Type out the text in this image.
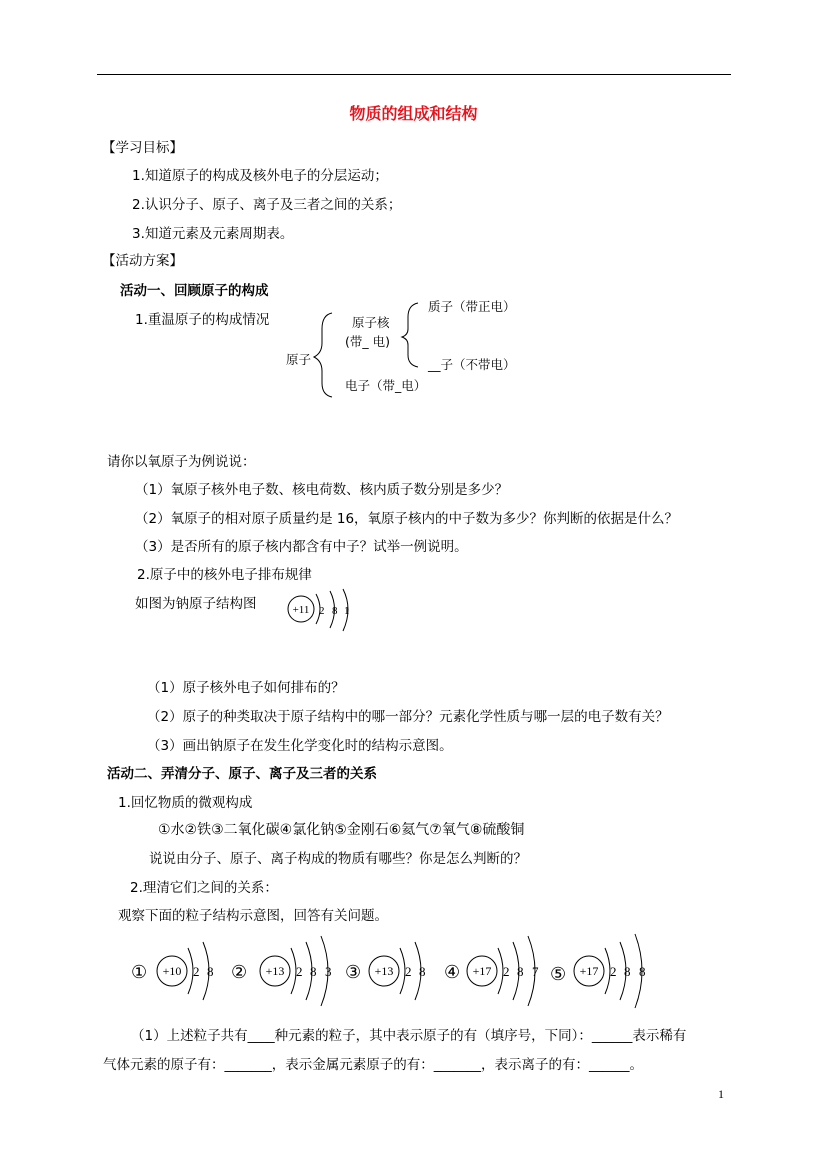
物质的组成和结构
【学习目标】
1.知道原子的构成及核外电子的分层运动；
2.认识分子、原子、离子及三者之间的关系；
3.知道元素及元素周期表。
【活动方案】
活动一、回顾原子的构成
1.重温原子的构成情况
原子
原子核
(带_ 电)
质子（带正电）
__子（不带电）
电子（带_电）
请你以氧原子为例说说：
（1）氧原子核外电子数、核电荷数、核内质子数分别是多少？
（2）氧原子的相对原子质量约是 16，氧原子核内的中子数为多少？你判断的依据是什么？
（3）是否所有的原子核内都含有中子？试举一例说明。
2.原子中的核外电子排布规律
如图为钠原子结构图	+11 2 8 1
（1）原子核外电子如何排布的？
（2）原子的种类取决于原子结构中的哪一部分？元素化学性质与哪一层的电子数有关？
（3）画出钠原子在发生化学变化时的结构示意图。
活动二、弄清分子、原子、离子及三者的关系
1.回忆物质的微观构成
①水②铁③二氧化碳④氯化钠⑤金刚石⑥氦气⑦氧气⑧硫酸铜
说说由分子、原子、离子构成的物质有哪些？你是怎么判断的？
2.理清它们之间的关系：
观察下面的粒子结构示意图，回答有关问题。
① +10 2 8 ② +13 2 8 3 ③ +13 2 8 ④ +17 2 8 7 ⑤ +17 2 8 8
（1）上述粒子共有____种元素的粒子，其中表示原子的有（填序号，下同）：______表示稀有
气体元素的原子有：_______，表示金属元素原子的有：_______，表示离子的有：______。
1
